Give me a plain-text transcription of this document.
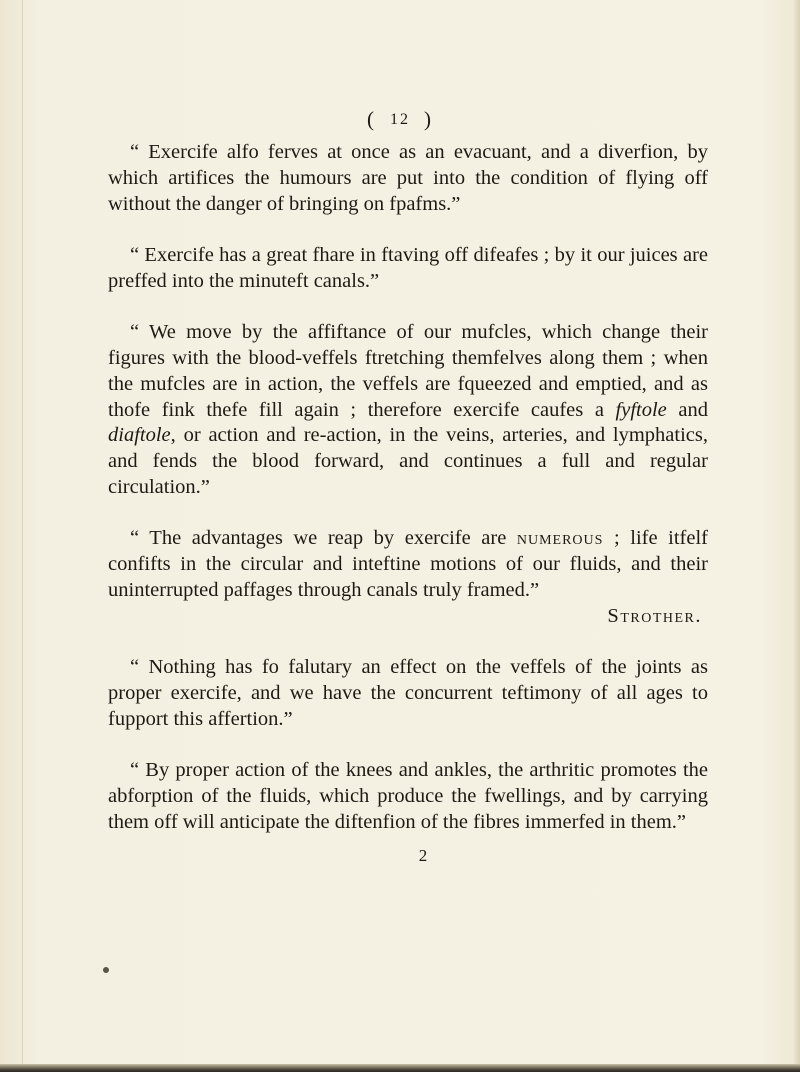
( 12 )

“ Exercife alfo ferves at once as an evacuant, and a diverfion, by which artifices the humours are put into the condition of flying off without the danger of bringing on fpafms.”

“ Exercife has a great fhare in ftaving off difeafes ; by it our juices are preffed into the minuteft canals.”

“ We move by the affiftance of our mufcles, which change their figures with the blood-veffels ftretching themfelves along them ; when the mufcles are in action, the veffels are fqueezed and emptied, and as thofe fink thefe fill again ; therefore exercife caufes a fyftole and diaftole, or action and re-action, in the veins, arteries, and lymphatics, and fends the blood forward, and continues a full and regular circulation.”

“ The advantages we reap by exercife are numerous ; life itfelf confifts in the circular and inteftine motions of our fluids, and their uninterrupted paffages through canals truly framed.”

Strother.

“ Nothing has fo falutary an effect on the veffels of the joints as proper exercife, and we have the concurrent teftimony of all ages to fupport this affertion.”

“ By proper action of the knees and ankles, the arthritic promotes the abforption of the fluids, which produce the fwellings, and by carrying them off will anticipate the diftenfion of the fibres immerfed in them.”

2
